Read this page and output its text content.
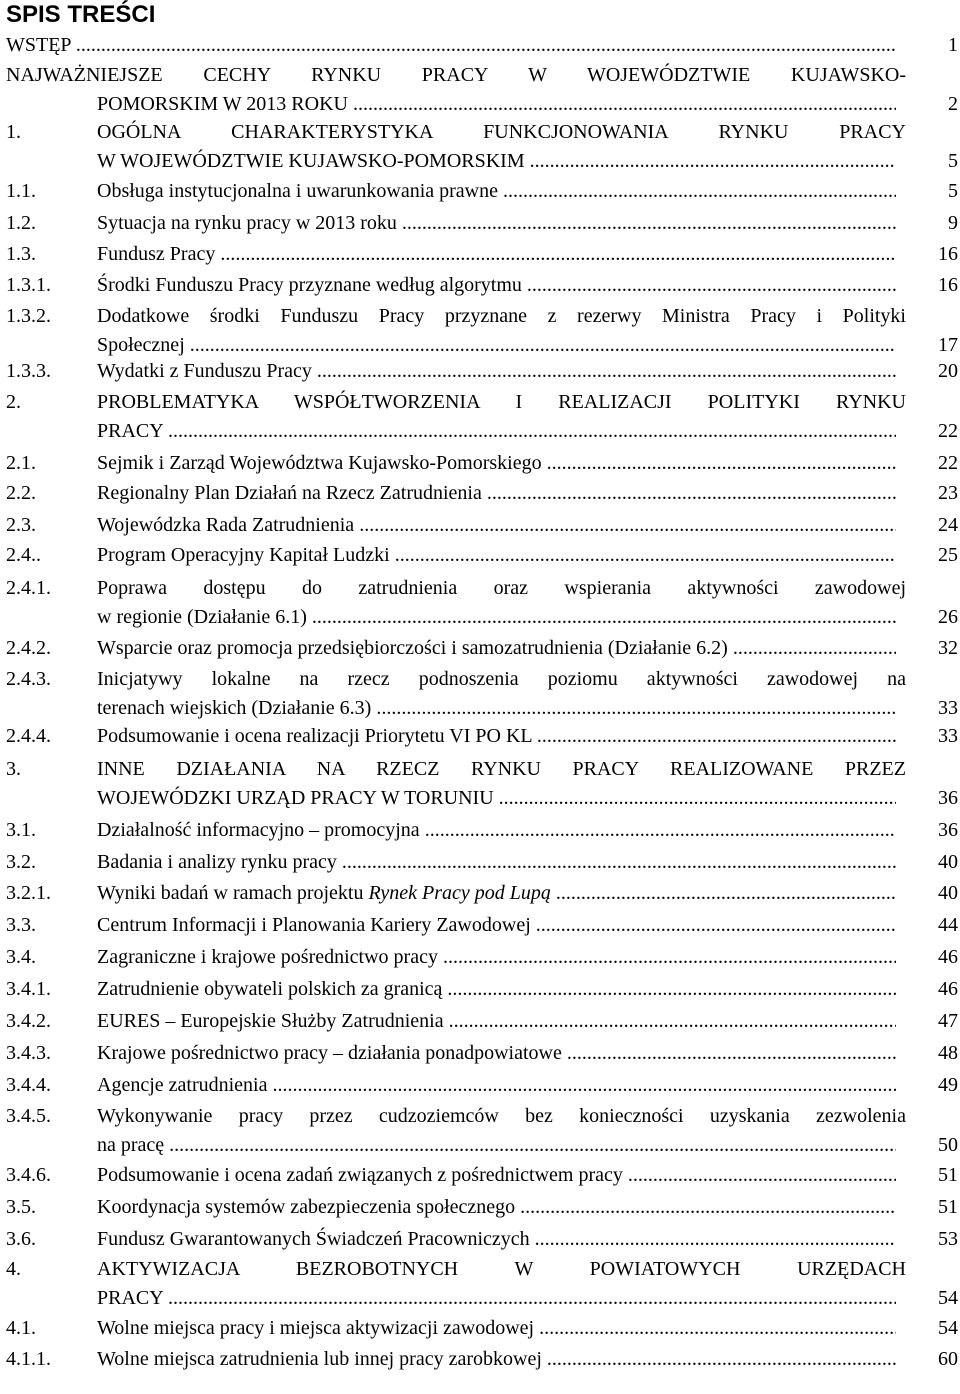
SPIS TREŚCI
WSTĘP .....	1
NAJWAŻNIEJSZE CECHY RYNKU PRACY W WOJEWÓDZTWIE KUJAWSKO-
POMORSKIM W 2013 ROKU .....	2
1.	OGÓLNA CHARAKTERYSTYKA FUNKCJONOWANIA RYNKU PRACY
W WOJEWÓDZTWIE KUJAWSKO-POMORSKIM .....	5
1.1.	Obsługa instytucjonalna i uwarunkowania prawne .....	5
1.2.	Sytuacja na rynku pracy w 2013 roku .....	9
1.3.	Fundusz Pracy .....	16
1.3.1. Środki Funduszu Pracy przyznane według algorytmu .....	16
1.3.2. Dodatkowe środki Funduszu Pracy przyznane z rezerwy Ministra Pracy i Polityki
Społecznej .....	17
1.3.3. Wydatki z Funduszu Pracy .....	20
2.	PROBLEMATYKA WSPÓŁTWORZENIA I REALIZACJI POLITYKI RYNKU
PRACY .....	22
2.1.	Sejmik i Zarząd Województwa Kujawsko-Pomorskiego .....	22
2.2.	Regionalny Plan Działań na Rzecz Zatrudnienia .....	23
2.3.	Wojewódzka Rada Zatrudnienia .....	24
2.4..	Program Operacyjny Kapitał Ludzki .....	25
2.4.1. Poprawa dostępu do zatrudnienia oraz wspierania aktywności zawodowej
w regionie (Działanie 6.1) .....	26
2.4.2. Wsparcie oraz promocja przedsiębiorczości i samozatrudnienia (Działanie 6.2) .....	32
2.4.3. Inicjatywy lokalne na rzecz podnoszenia poziomu aktywności zawodowej na
terenach wiejskich (Działanie 6.3) .....	33
2.4.4. Podsumowanie i ocena realizacji Priorytetu VI PO KL .....	33
3.	INNE DZIAŁANIA NA RZECZ RYNKU PRACY REALIZOWANE PRZEZ
WOJEWÓDZKI URZĄD PRACY W TORUNIU .....	36
3.1.	Działalność informacyjno – promocyjna .....	36
3.2.	Badania i analizy rynku pracy .....	40
3.2.1. Wyniki badań w ramach projektu Rynek Pracy pod Lupą .....	40
3.3.	Centrum Informacji i Planowania Kariery Zawodowej .....	44
3.4.	Zagraniczne i krajowe pośrednictwo pracy .....	46
3.4.1. Zatrudnienie obywateli polskich za granicą .....	46
3.4.2. EURES – Europejskie Służby Zatrudnienia .....	47
3.4.3. Krajowe pośrednictwo pracy – działania ponadpowiatowe .....	48
3.4.4. Agencje zatrudnienia .....	49
3.4.5. Wykonywanie pracy przez cudzoziemców bez konieczności uzyskania zezwolenia
na pracę .....	50
3.4.6. Podsumowanie i ocena zadań związanych z pośrednictwem pracy .....	51
3.5.	Koordynacja systemów zabezpieczenia społecznego .....	51
3.6.	Fundusz Gwarantowanych Świadczeń Pracowniczych .....	53
4.	AKTYWIZACJA BEZROBOTNYCH W POWIATOWYCH URZĘDACH
PRACY .....	54
4.1.	Wolne miejsca pracy i miejsca aktywizacji zawodowej .....	54
4.1.1. Wolne miejsca zatrudnienia lub innej pracy zarobkowej .....	60
